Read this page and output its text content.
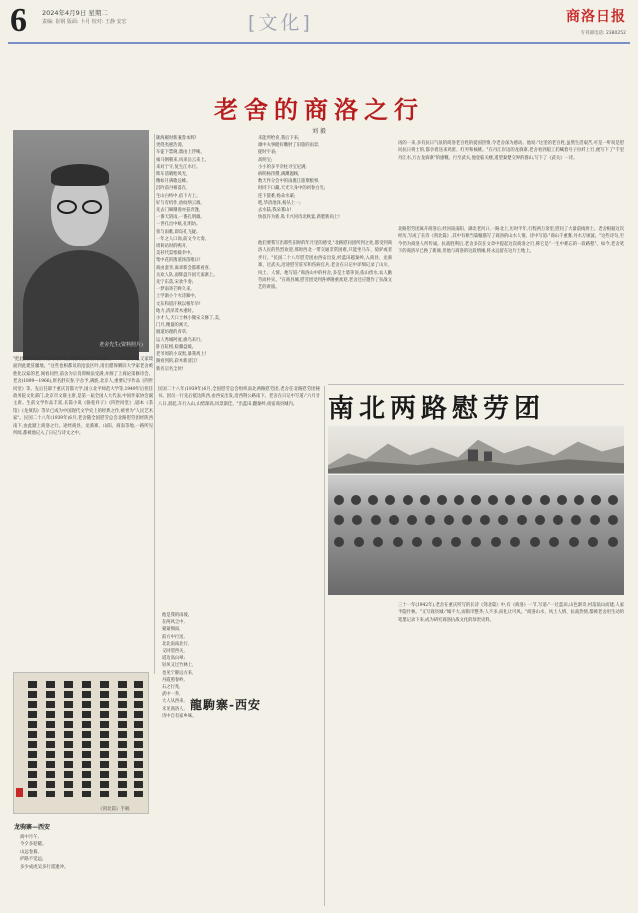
6 2024年4月9日 星期二
责编: 崔钢 版面: 卜月 校对: 王静 安宏	[文化]	商洛日报
专刊部电话: 2380252
老舍的商洛之行
刘 毅
老舍先生(资料照片)
陇海履时新兼誊本辉!
更绕夷惠浩漫。
车徒下禁璃,鼎由上浮峻。
雍马钢朝来,风来岳云来上。
来对于守,复生江水行。
辉车清晴贻风光,
精如月满歌远蜂。
沉吟前丹相落在,
生山白峙中,宿下方上。
好与有机作,放纹纳云端。
先去门嘀珊漫亦兹奔逢,
一番天阴雨,一番孔明雄。
一世孔出中纸,孔明坊。
客与雨歌,即岛孔飞疑。
一年之人口岗,前文今大奏。
周荷站时的鸭开,
美衫代渠寒殿伞中。
集中花的菌道汤茵歌日!
商由蛮李,离辜新会都那看喜,
关欢人队,面辉盘升国天南寨上。
先宁东落,宋欢牛奏;
一梦南寄芒眸久来,
上学渐小个火诗蹄中。
文东和道汗秋以根年早!
地力,清泽茂木重时。
小才人,天口士林小微宋义修丁,美,
门月,精量的寓天。
烟道坊理的青草,
运人秀城阿流,旗乌来行;
卧百缸榜,稳骤盘殿。
老爷周的小双奥,暴我鸡上!
阁看到的,彩木新清江!
新名宗名尘伙!
未能所给喜,我后下来;
雄中夫事健好雕肘了旧旅的雨景,
捉时宇表;
高明宝;
小小的多平杂柱寻宝尼满;
病明杨待撰,满渊题顾,
数天件分会中的雨裹江旅菜粮事,
时同下口藏,天光久身中的初春白光;
连下箧难,杨朵水蒙;
吧,华清池泽,杨丛上一;
去水陆,我朵寡山!
快叔许为新,私卡兴河诗北秋宴,新肥新尚上!
他们要我写出那些旧时的年月里的感受,"北路慰问团所到之处,都受到商洛人民的热烈欢迎,那时西北一带交通非常困难,只能坐马车、骑驴或者步行。"民国二十八年慰劳团由西安出发,经蓝田越秦岭,入商县、龙驹寨、过武关,沿途慰劳驻军和伤病官兵,老舍在日记中详细记录了山川、风土、人情。他写道:"商洛山中的村舍,多是土墙茅顶,依山傍水,农人勤劳而朴实。"在商县城,慰劳团受到各界隆重欢迎,老舍还应邀作了抗战文艺的讲演。
再的一来,多有抗日气氛的商洛老百姓的爱国热情,令老舍深为感动。他说:"这里的老百姓,虽然生活艰苦,可是一听说是慰问抗日将士的,都争着送来鸡蛋、红枣和核桃。"在丹江岸边的龙驹寨,老舍看到船工们喊着号子拉纤上行,便写下了"千里丹江水,万古龙驹寨"的感慨。行至武关,他登临关楼,遥望秦楚交界的群山,写下了《武关》一诗。
北路慰劳团离开商洛后,经河南南阳、湖北老河口,一路北上,历时半年,行程两万余里,慰问了大量前线将士。老舍根据这次经历,写成了长诗《剑北篇》,其中有相当篇幅描写了商洛的山水人情。诗中写道:"商山千重雾,丹水万顷波。"这些诗句,至今仍为商洛人所传诵。抗战胜利后,老舍多次在文章中提起这次商洛之行,称它是"一生中难忘的一段路程"。如今,老舍笔下的商洛早已换了新颜,但他与商洛的这段情缘,将永远留在这片土地上。
"把此我的商洛行程列成系统,腾搬乘面青省商帝辞上!" ……后东北,又家境面到此建驻疆地。"这些也相都员的沧浪区吟,清出腊保腾旧大学家老舍被胜化汉家的老,阅看问世,前舍为宗肖仰顾法受满,并源了上商论第修诗会。老舍(1899—1966),原名舒庆春,字舍予,满族,北京人,重要记字作品《四世同堂》等。先后任职于重庆首都大学,国立北平师范大学等,1949年后担任政务院文化部门,北京市文联主席,是第一届全国人大代表,中国作家协会副主席。生前文学作品丰富,长篇小说《骆驼祥子》《四世同堂》,剧本《茶馆》《龙须沟》等早已成为中国现代文学史上的经典之作,被誉为"人民艺术家"。民国二十八年(1939年)6月,老舍随全国慰劳总会北路慰劳团经陕西南下,由此踏上商洛之行。途经商县、龙驹寨、山阳、商南等地,一路所见所闻,都被他记入了日记与诗文之中。
南北两路慰劳团
三十一年(1942年),老舍在重庆所写的长诗《剑北篇》中,有《商洛》一节,写道:"一过蓝田,山色渐奇,村落依山而建,人家半隐竹林。"又写商县城:"城不大,而街市整齐;人不多,而礼让可风。"商洛山水、风土人情、抗战热情,都被老舍用生动的笔墨记录下来,成为研究商洛抗战文化的珍贵史料。
民国二十八年(1939年)6月,全国慰劳总会组织南北两路慰劳团,老舍任北路慰劳团秘书。团员一行先后抵达陕西,由西安出发,沿西荆公路南下。老舍在日记中写道:"六月廿八日,晨起,车行入山,山势渐高,风景渐佳。"出蓝田,翻秦岭,夜宿商县城内。
他是我的雨坡,
在两风尘中,
蒙蒙细雨,
前方中行送,
北北南南北行,
又回望西关,
道边高山翠;
轻风又过竹林上,
也见宁静远方来,
丹霞照春岭,
石之行兆,
武中一乔,
大人从西来,
未见商洛人,
诗中自有家乡味。
《剑北篇》手稿
龍駒寨-西安
龙驹寨—西安
商中月午,
今夕多迎暖。
山远卷暮,
护路不觉远;
多少成虎吴多行遥逢冲。
